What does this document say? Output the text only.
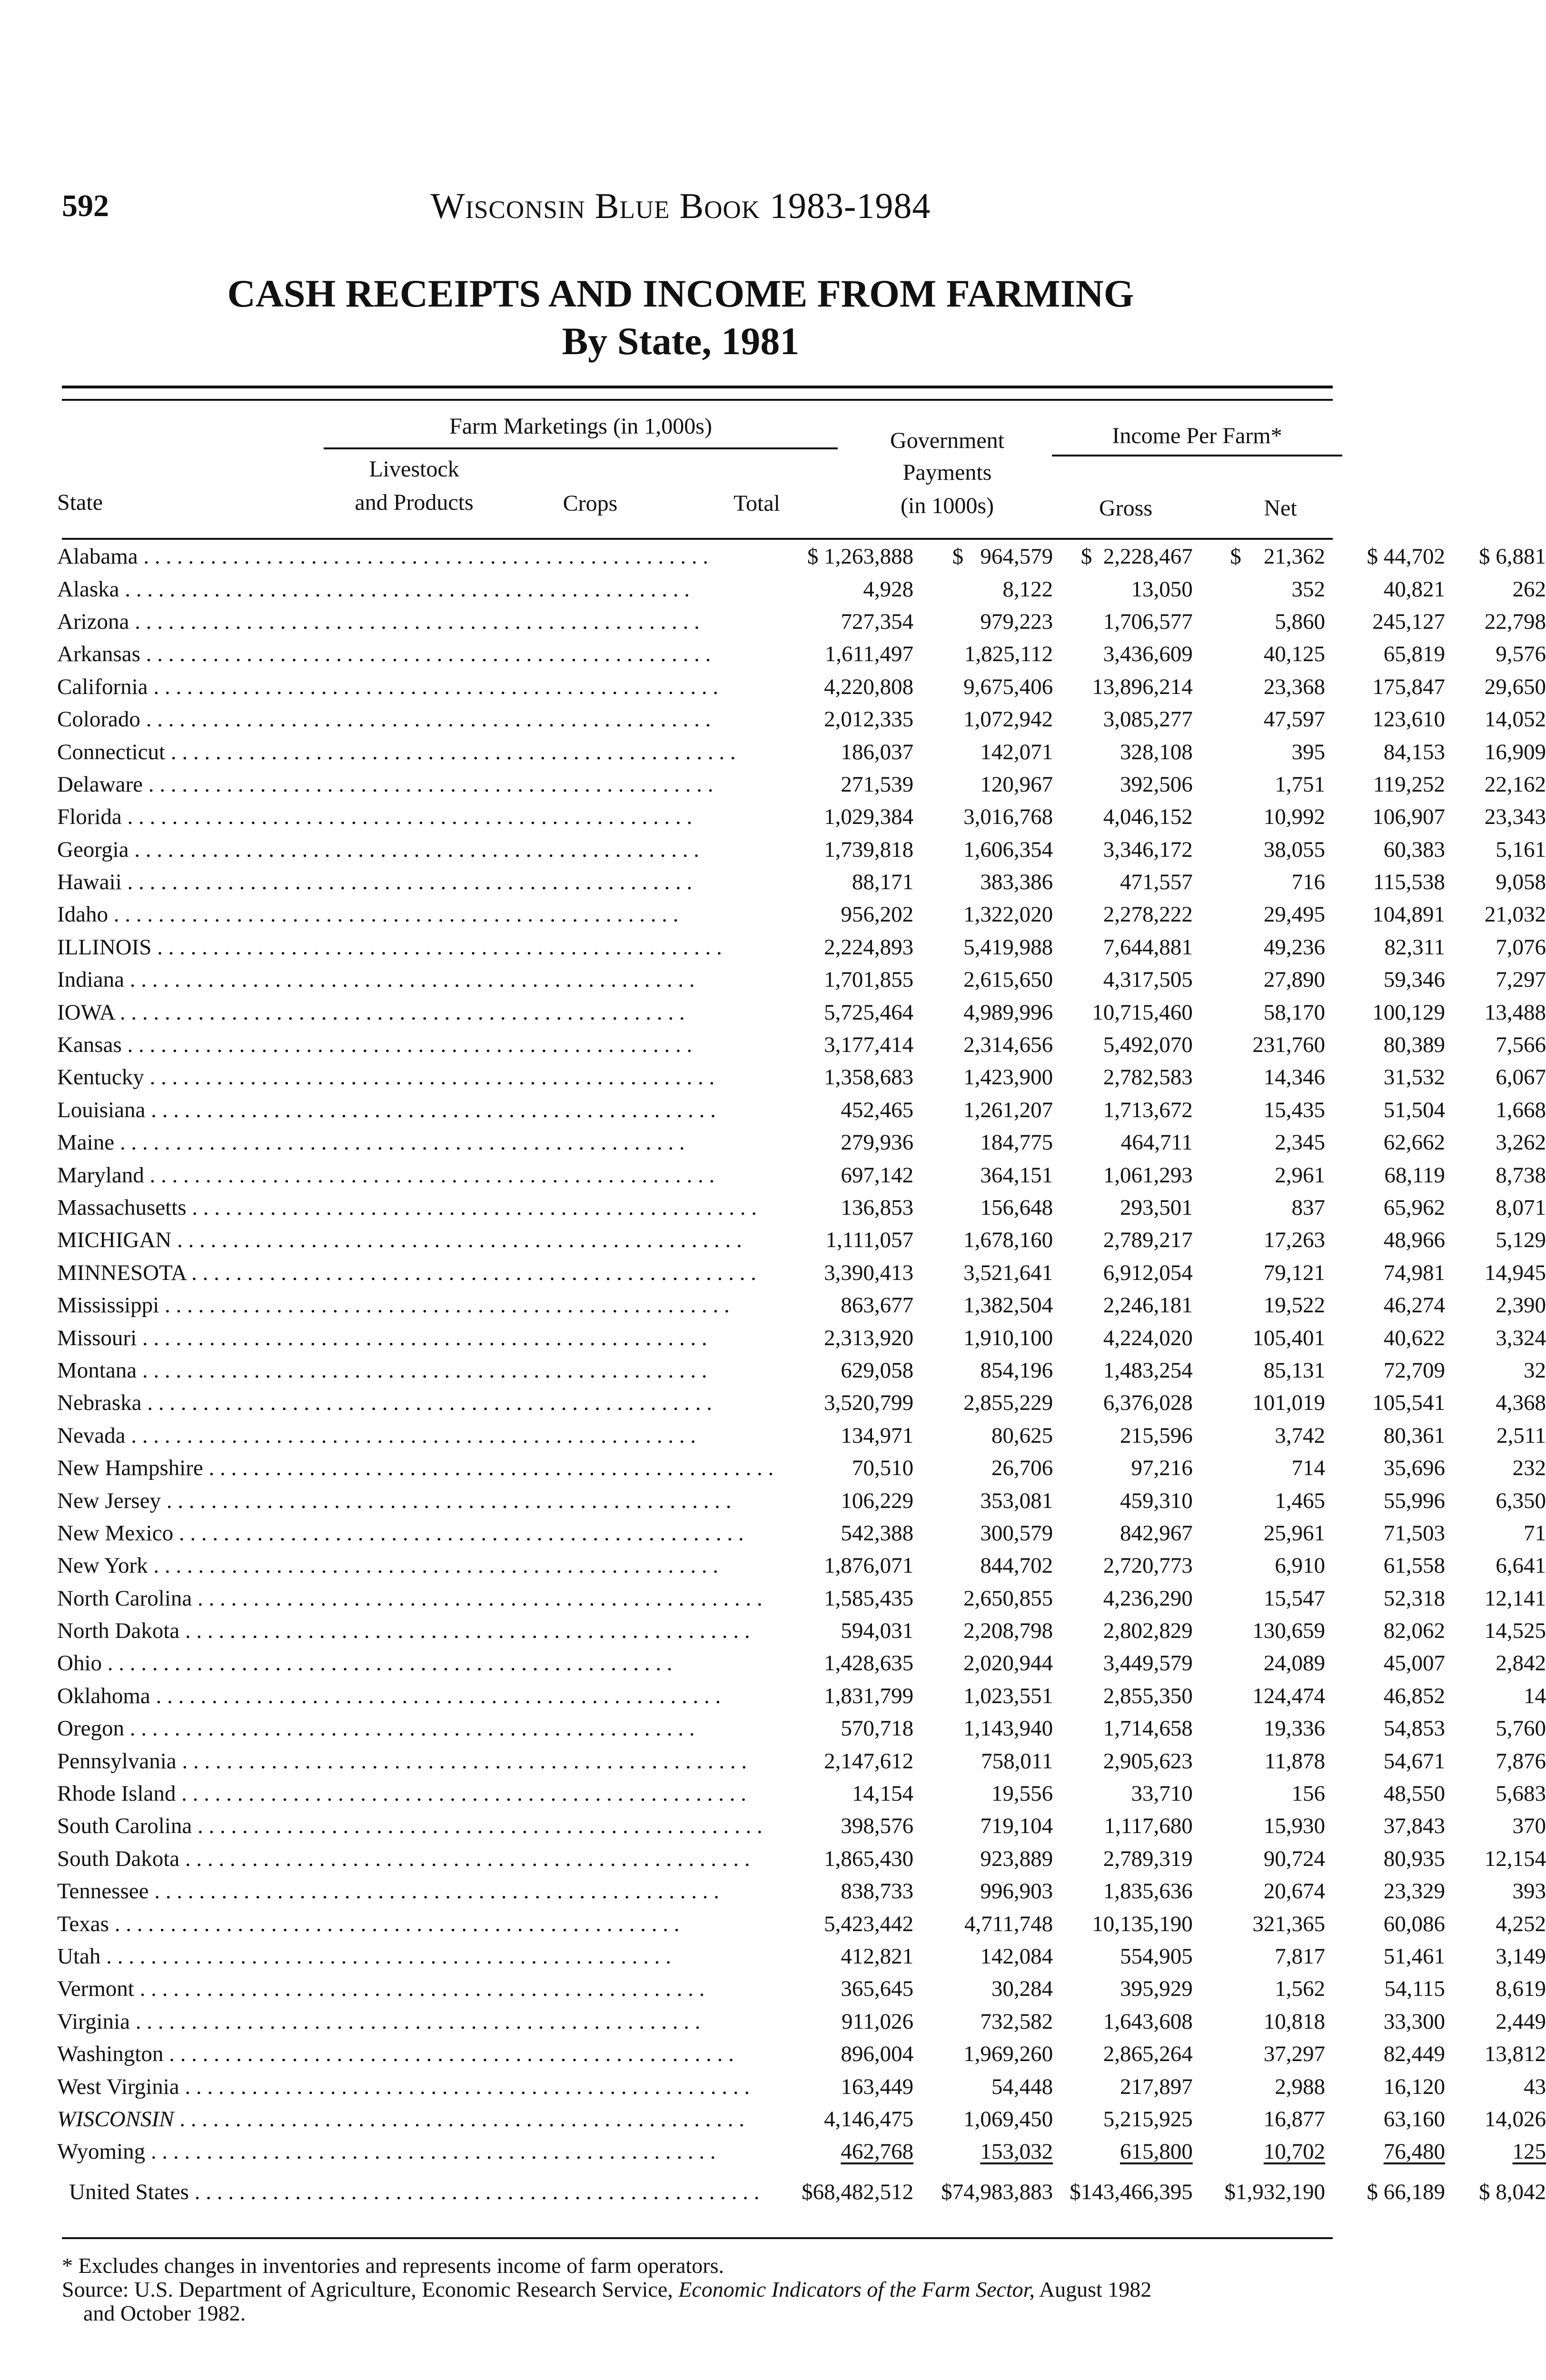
592	Wisconsin Blue Book 1983-1984
CASH RECEIPTS AND INCOME FROM FARMING
By State, 1981
State
Farm Marketings (in 1,000s)
Livestock
and Products	Crops	Total
Government
Payments
(in 1000s)
Income Per Farm*
Gross	Net
Alabama . . . . . . . . . . . . . . . . . . . . . . . . . . . . . . . . . . . . . . . . . . . . . . . . . . .	$ 1,263,888	$   964,579	$  2,228,467	$    21,362	$ 44,702	$ 6,881
Alaska . . . . . . . . . . . . . . . . . . . . . . . . . . . . . . . . . . . . . . . . . . . . . . . . . . .	4,928	8,122	13,050	352	40,821	262
Arizona . . . . . . . . . . . . . . . . . . . . . . . . . . . . . . . . . . . . . . . . . . . . . . . . . . .	727,354	979,223	1,706,577	5,860	245,127	22,798
Arkansas . . . . . . . . . . . . . . . . . . . . . . . . . . . . . . . . . . . . . . . . . . . . . . . . . . .	1,611,497	1,825,112	3,436,609	40,125	65,819	9,576
California . . . . . . . . . . . . . . . . . . . . . . . . . . . . . . . . . . . . . . . . . . . . . . . . . . .	4,220,808	9,675,406	13,896,214	23,368	175,847	29,650
Colorado . . . . . . . . . . . . . . . . . . . . . . . . . . . . . . . . . . . . . . . . . . . . . . . . . . .	2,012,335	1,072,942	3,085,277	47,597	123,610	14,052
Connecticut . . . . . . . . . . . . . . . . . . . . . . . . . . . . . . . . . . . . . . . . . . . . . . . . . . .	186,037	142,071	328,108	395	84,153	16,909
Delaware . . . . . . . . . . . . . . . . . . . . . . . . . . . . . . . . . . . . . . . . . . . . . . . . . . .	271,539	120,967	392,506	1,751	119,252	22,162
Florida . . . . . . . . . . . . . . . . . . . . . . . . . . . . . . . . . . . . . . . . . . . . . . . . . . .	1,029,384	3,016,768	4,046,152	10,992	106,907	23,343
Georgia . . . . . . . . . . . . . . . . . . . . . . . . . . . . . . . . . . . . . . . . . . . . . . . . . . .	1,739,818	1,606,354	3,346,172	38,055	60,383	5,161
Hawaii . . . . . . . . . . . . . . . . . . . . . . . . . . . . . . . . . . . . . . . . . . . . . . . . . . .	88,171	383,386	471,557	716	115,538	9,058
Idaho . . . . . . . . . . . . . . . . . . . . . . . . . . . . . . . . . . . . . . . . . . . . . . . . . . .	956,202	1,322,020	2,278,222	29,495	104,891	21,032
ILLINOIS . . . . . . . . . . . . . . . . . . . . . . . . . . . . . . . . . . . . . . . . . . . . . . . . . . .	2,224,893	5,419,988	7,644,881	49,236	82,311	7,076
Indiana . . . . . . . . . . . . . . . . . . . . . . . . . . . . . . . . . . . . . . . . . . . . . . . . . . .	1,701,855	2,615,650	4,317,505	27,890	59,346	7,297
IOWA . . . . . . . . . . . . . . . . . . . . . . . . . . . . . . . . . . . . . . . . . . . . . . . . . . .	5,725,464	4,989,996	10,715,460	58,170	100,129	13,488
Kansas . . . . . . . . . . . . . . . . . . . . . . . . . . . . . . . . . . . . . . . . . . . . . . . . . . .	3,177,414	2,314,656	5,492,070	231,760	80,389	7,566
Kentucky . . . . . . . . . . . . . . . . . . . . . . . . . . . . . . . . . . . . . . . . . . . . . . . . . . .	1,358,683	1,423,900	2,782,583	14,346	31,532	6,067
Louisiana . . . . . . . . . . . . . . . . . . . . . . . . . . . . . . . . . . . . . . . . . . . . . . . . . . .	452,465	1,261,207	1,713,672	15,435	51,504	1,668
Maine . . . . . . . . . . . . . . . . . . . . . . . . . . . . . . . . . . . . . . . . . . . . . . . . . . .	279,936	184,775	464,711	2,345	62,662	3,262
Maryland . . . . . . . . . . . . . . . . . . . . . . . . . . . . . . . . . . . . . . . . . . . . . . . . . . .	697,142	364,151	1,061,293	2,961	68,119	8,738
Massachusetts . . . . . . . . . . . . . . . . . . . . . . . . . . . . . . . . . . . . . . . . . . . . . . . . . . .	136,853	156,648	293,501	837	65,962	8,071
MICHIGAN . . . . . . . . . . . . . . . . . . . . . . . . . . . . . . . . . . . . . . . . . . . . . . . . . . .	1,111,057	1,678,160	2,789,217	17,263	48,966	5,129
MINNESOTA . . . . . . . . . . . . . . . . . . . . . . . . . . . . . . . . . . . . . . . . . . . . . . . . . . .	3,390,413	3,521,641	6,912,054	79,121	74,981	14,945
Mississippi . . . . . . . . . . . . . . . . . . . . . . . . . . . . . . . . . . . . . . . . . . . . . . . . . . .	863,677	1,382,504	2,246,181	19,522	46,274	2,390
Missouri . . . . . . . . . . . . . . . . . . . . . . . . . . . . . . . . . . . . . . . . . . . . . . . . . . .	2,313,920	1,910,100	4,224,020	105,401	40,622	3,324
Montana . . . . . . . . . . . . . . . . . . . . . . . . . . . . . . . . . . . . . . . . . . . . . . . . . . .	629,058	854,196	1,483,254	85,131	72,709	32
Nebraska . . . . . . . . . . . . . . . . . . . . . . . . . . . . . . . . . . . . . . . . . . . . . . . . . . .	3,520,799	2,855,229	6,376,028	101,019	105,541	4,368
Nevada . . . . . . . . . . . . . . . . . . . . . . . . . . . . . . . . . . . . . . . . . . . . . . . . . . .	134,971	80,625	215,596	3,742	80,361	2,511
New Hampshire . . . . . . . . . . . . . . . . . . . . . . . . . . . . . . . . . . . . . . . . . . . . . . . . . . .	70,510	26,706	97,216	714	35,696	232
New Jersey . . . . . . . . . . . . . . . . . . . . . . . . . . . . . . . . . . . . . . . . . . . . . . . . . . .	106,229	353,081	459,310	1,465	55,996	6,350
New Mexico . . . . . . . . . . . . . . . . . . . . . . . . . . . . . . . . . . . . . . . . . . . . . . . . . . .	542,388	300,579	842,967	25,961	71,503	71
New York . . . . . . . . . . . . . . . . . . . . . . . . . . . . . . . . . . . . . . . . . . . . . . . . . . .	1,876,071	844,702	2,720,773	6,910	61,558	6,641
North Carolina . . . . . . . . . . . . . . . . . . . . . . . . . . . . . . . . . . . . . . . . . . . . . . . . . . .	1,585,435	2,650,855	4,236,290	15,547	52,318	12,141
North Dakota . . . . . . . . . . . . . . . . . . . . . . . . . . . . . . . . . . . . . . . . . . . . . . . . . . .	594,031	2,208,798	2,802,829	130,659	82,062	14,525
Ohio . . . . . . . . . . . . . . . . . . . . . . . . . . . . . . . . . . . . . . . . . . . . . . . . . . .	1,428,635	2,020,944	3,449,579	24,089	45,007	2,842
Oklahoma . . . . . . . . . . . . . . . . . . . . . . . . . . . . . . . . . . . . . . . . . . . . . . . . . . .	1,831,799	1,023,551	2,855,350	124,474	46,852	14
Oregon . . . . . . . . . . . . . . . . . . . . . . . . . . . . . . . . . . . . . . . . . . . . . . . . . . .	570,718	1,143,940	1,714,658	19,336	54,853	5,760
Pennsylvania . . . . . . . . . . . . . . . . . . . . . . . . . . . . . . . . . . . . . . . . . . . . . . . . . . .	2,147,612	758,011	2,905,623	11,878	54,671	7,876
Rhode Island . . . . . . . . . . . . . . . . . . . . . . . . . . . . . . . . . . . . . . . . . . . . . . . . . . .	14,154	19,556	33,710	156	48,550	5,683
South Carolina . . . . . . . . . . . . . . . . . . . . . . . . . . . . . . . . . . . . . . . . . . . . . . . . . . .	398,576	719,104	1,117,680	15,930	37,843	370
South Dakota . . . . . . . . . . . . . . . . . . . . . . . . . . . . . . . . . . . . . . . . . . . . . . . . . . .	1,865,430	923,889	2,789,319	90,724	80,935	12,154
Tennessee . . . . . . . . . . . . . . . . . . . . . . . . . . . . . . . . . . . . . . . . . . . . . . . . . . .	838,733	996,903	1,835,636	20,674	23,329	393
Texas . . . . . . . . . . . . . . . . . . . . . . . . . . . . . . . . . . . . . . . . . . . . . . . . . . .	5,423,442	4,711,748	10,135,190	321,365	60,086	4,252
Utah . . . . . . . . . . . . . . . . . . . . . . . . . . . . . . . . . . . . . . . . . . . . . . . . . . .	412,821	142,084	554,905	7,817	51,461	3,149
Vermont . . . . . . . . . . . . . . . . . . . . . . . . . . . . . . . . . . . . . . . . . . . . . . . . . . .	365,645	30,284	395,929	1,562	54,115	8,619
Virginia . . . . . . . . . . . . . . . . . . . . . . . . . . . . . . . . . . . . . . . . . . . . . . . . . . .	911,026	732,582	1,643,608	10,818	33,300	2,449
Washington . . . . . . . . . . . . . . . . . . . . . . . . . . . . . . . . . . . . . . . . . . . . . . . . . . .	896,004	1,969,260	2,865,264	37,297	82,449	13,812
West Virginia . . . . . . . . . . . . . . . . . . . . . . . . . . . . . . . . . . . . . . . . . . . . . . . . . . .	163,449	54,448	217,897	2,988	16,120	43
WISCONSIN . . . . . . . . . . . . . . . . . . . . . . . . . . . . . . . . . . . . . . . . . . . . . . . . . . .	4,146,475	1,069,450	5,215,925	16,877	63,160	14,026
Wyoming . . . . . . . . . . . . . . . . . . . . . . . . . . . . . . . . . . . . . . . . . . . . . . . . . . .	462,768	153,032	615,800	10,702	76,480	125
United States . . . . . . . . . . . . . . . . . . . . . . . . . . . . . . . . . . . . . . . . . . . . . . . . . . .	$68,482,512	$74,983,883	$143,466,395	$1,932,190	$ 66,189	$ 8,042

* Excludes changes in inventories and represents income of farm operators.

Source: U.S. Department of Agriculture, Economic Research Service, Economic Indicators of the Farm Sector, August 1982

and October 1982.
